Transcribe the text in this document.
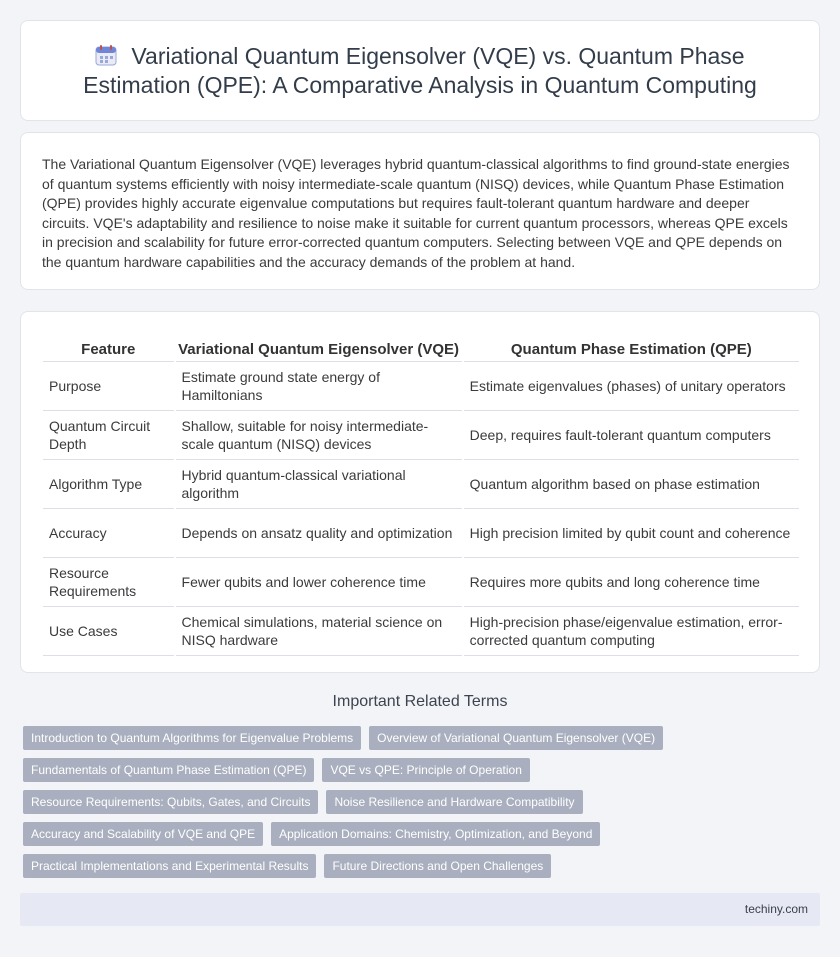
Variational Quantum Eigensolver (VQE) vs. Quantum Phase Estimation (QPE): A Comparative Analysis in Quantum Computing

The Variational Quantum Eigensolver (VQE) leverages hybrid quantum-classical algorithms to find ground-state energies of quantum systems efficiently with noisy intermediate-scale quantum (NISQ) devices, while Quantum Phase Estimation (QPE) provides highly accurate eigenvalue computations but requires fault-tolerant quantum hardware and deeper circuits. VQE's adaptability and resilience to noise make it suitable for current quantum processors, whereas QPE excels in precision and scalability for future error-corrected quantum computers. Selecting between VQE and QPE depends on the quantum hardware capabilities and the accuracy demands of the problem at hand.

Feature	Variational Quantum Eigensolver (VQE)	Quantum Phase Estimation (QPE)
Purpose	Estimate ground state energy of Hamiltonians	Estimate eigenvalues (phases) of unitary operators
Quantum Circuit Depth	Shallow, suitable for noisy intermediate-scale quantum (NISQ) devices	Deep, requires fault-tolerant quantum computers
Algorithm Type	Hybrid quantum-classical variational algorithm	Quantum algorithm based on phase estimation
Accuracy	Depends on ansatz quality and optimization	High precision limited by qubit count and coherence
Resource Requirements	Fewer qubits and lower coherence time	Requires more qubits and long coherence time
Use Cases	Chemical simulations, material science on NISQ hardware	High-precision phase/eigenvalue estimation, error-corrected quantum computing
Important Related Terms
Introduction to Quantum Algorithms for Eigenvalue Problems	Overview of Variational Quantum Eigensolver (VQE)
Fundamentals of Quantum Phase Estimation (QPE)	VQE vs QPE: Principle of Operation
Resource Requirements: Qubits, Gates, and Circuits	Noise Resilience and Hardware Compatibility
Accuracy and Scalability of VQE and QPE	Application Domains: Chemistry, Optimization, and Beyond
Practical Implementations and Experimental Results	Future Directions and Open Challenges
techiny.com
